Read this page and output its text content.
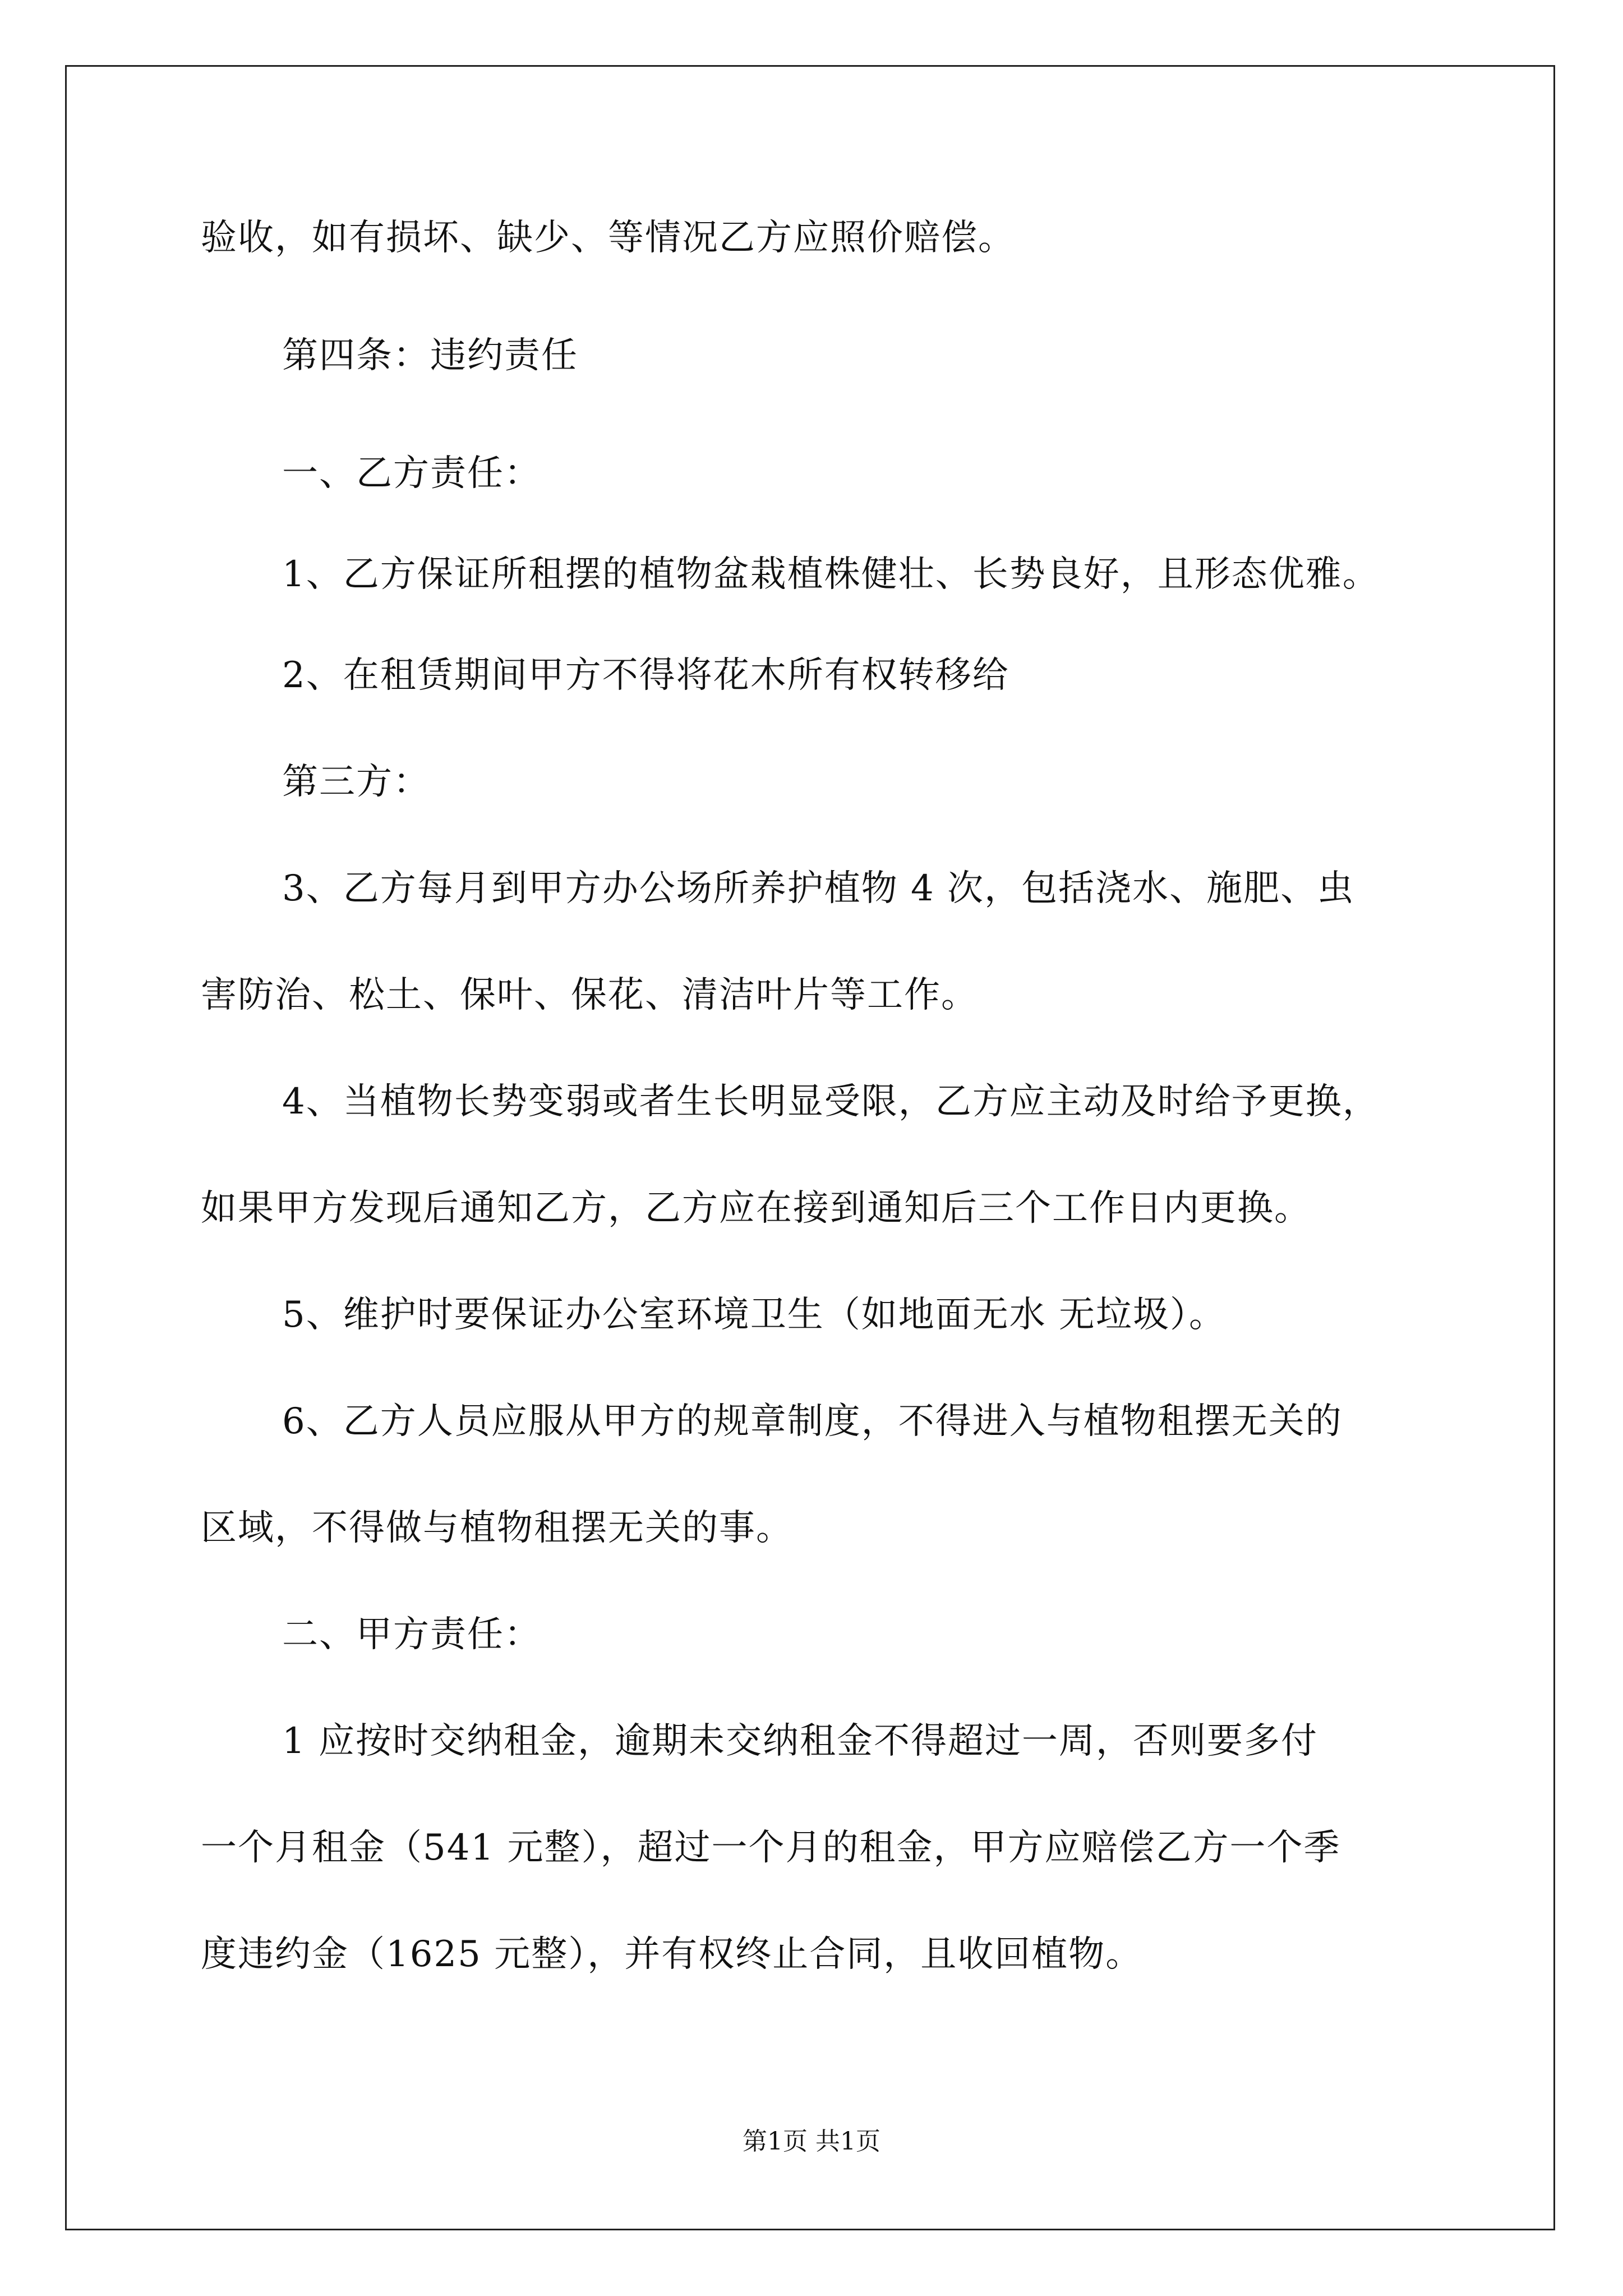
验收，如有损坏、缺少、等情况乙方应照价赔偿。
第四条：违约责任
一、乙方责任：
1、乙方保证所租摆的植物盆栽植株健壮、长势良好，且形态优雅。
2、在租赁期间甲方不得将花木所有权转移给
第三方：
3、乙方每月到甲方办公场所养护植物 4 次，包括浇水、施肥、虫
害防治、松土、保叶、保花、清洁叶片等工作。
4、当植物长势变弱或者生长明显受限，乙方应主动及时给予更换，
如果甲方发现后通知乙方，乙方应在接到通知后三个工作日内更换。
5、维护时要保证办公室环境卫生（如地面无水 无垃圾）。
6、乙方人员应服从甲方的规章制度，不得进入与植物租摆无关的
区域，不得做与植物租摆无关的事。
二、甲方责任：
1 应按时交纳租金，逾期未交纳租金不得超过一周，否则要多付
一个月租金（541 元整），超过一个月的租金，甲方应赔偿乙方一个季
度违约金（1625 元整），并有权终止合同，且收回植物。
第1页 共1页
